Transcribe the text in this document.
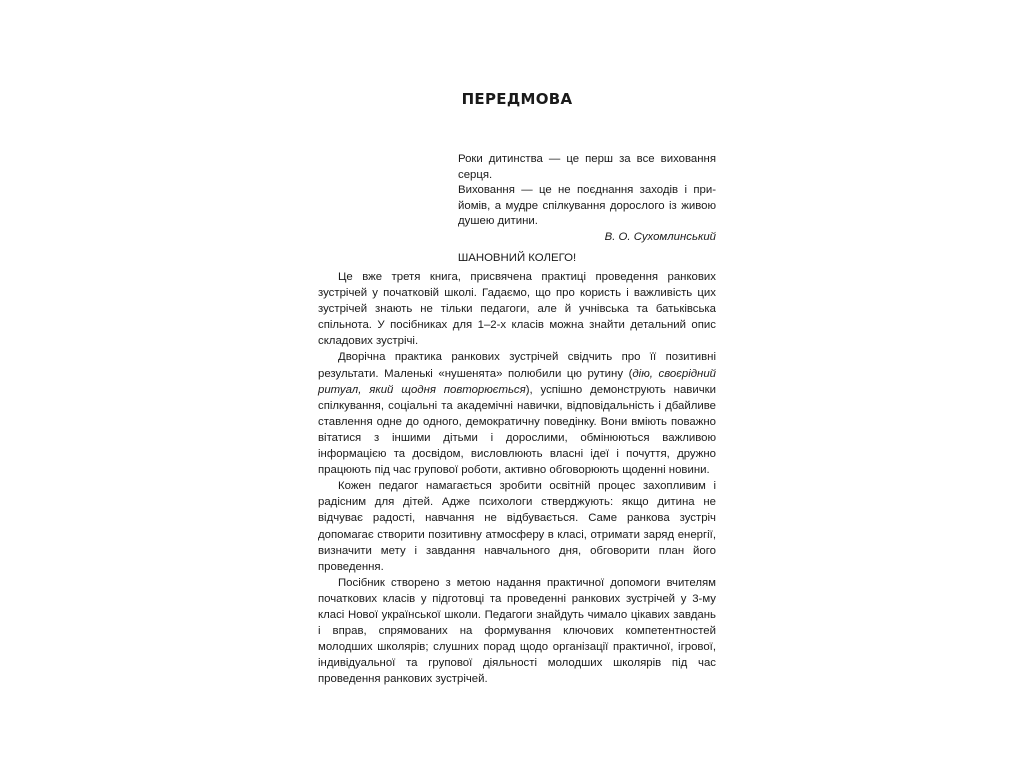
ПЕРЕДМОВА

Роки дитинства — це перш за все виховання серця.

Виховання — це не поєднання заходів і прийомів, а мудре спілкування дорослого із живою душею дитини.

В. О. Сухомлинський

ШАНОВНИЙ КОЛЕГО!

Це вже третя книга, присвячена практиці проведення ранкових зустрічей у початковій школі. Гадаємо, що про користь і важливість цих зустрічей знають не тільки педагоги, але й учнівська та батьківська спільнота. У посібниках для 1–2-х класів можна знайти детальний опис складових зустрічі.

Дворічна практика ранкових зустрічей свідчить про її позитивні результати. Маленькі «нушенята» полюбили цю рутину (дію, своєрідний ритуал, який щодня повторюється), успішно демонструють навички спілкування, соціальні та академічні навички, відповідальність і дбайливе ставлення одне до одного, демократичну поведінку. Вони вміють поважно вітатися з іншими дітьми і дорослими, обмінюються важливою інформацією та досвідом, висловлюють власні ідеї і почуття, дружно працюють під час групової роботи, активно обговорюють щоденні новини.

Кожен педагог намагається зробити освітній процес захопливим і радісним для дітей. Адже психологи стверджують: якщо дитина не відчуває радості, навчання не відбувається. Саме ранкова зустріч допомагає створити позитивну атмосферу в класі, отримати заряд енергії, визначити мету і завдання навчального дня, обговорити план його проведення.

Посібник створено з метою надання практичної допомоги вчителям початкових класів у підготовці та проведенні ранкових зустрічей у 3-му класі Нової української школи. Педагоги знайдуть чимало цікавих завдань і вправ, спрямованих на формування ключових компетентностей молодших школярів; слушних порад щодо організації практичної, ігрової, індивідуальної та групової діяльності молодших школярів під час проведення ранкових зустрічей.
